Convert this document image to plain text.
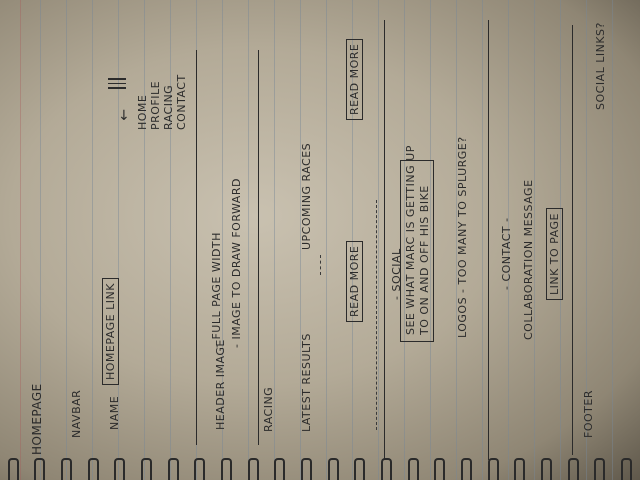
HOMEPAGE NAVBAR NAME
HOMEPAGE LINK
↓ HOME PROFILE RACING CONTACT
HEADER IMAGE
- FULL PAGE WIDTH - IMAGE TO DRAW FORWARD
RACING LATEST RESULTS
UPCOMING RACES
READ MORE
READ MORE
- SOCIAL SEE WHAT MARC IS GETTING UP TO ON AND OFF HIS BIKE LOGOS - TOO MANY TO SPLURGE?	- CONTACT - COLLABORATION MESSAGE LINK TO PAGE
FOOTER
SOCIAL LINKS?
